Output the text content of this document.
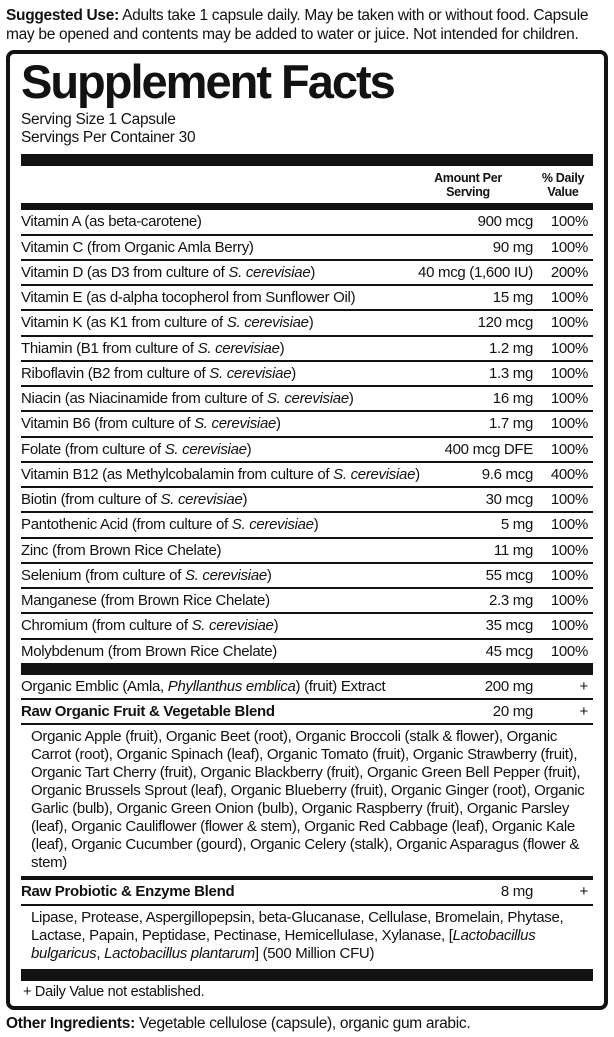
Suggested Use: Adults take 1 capsule daily. May be taken with or without food. Capsule may be opened and contents may be added to water or juice. Not intended for children.
Supplement Facts
Serving Size 1 Capsule
Servings Per Container 30
Amount Per
Serving
% Daily
Value
Vitamin A (as beta-carotene)	900 mcg	100%
Vitamin C (from Organic Amla Berry)	90 mg	100%
Vitamin D (as D3 from culture of S. cerevisiae)	40 mcg (1,600 IU)	200%
Vitamin E (as d-alpha tocopherol from Sunflower Oil)	15 mg	100%
Vitamin K (as K1 from culture of S. cerevisiae)	120 mcg	100%
Thiamin (B1 from culture of S. cerevisiae)	1.2 mg	100%
Riboflavin (B2 from culture of S. cerevisiae)	1.3 mg	100%
Niacin (as Niacinamide from culture of S. cerevisiae)	16 mg	100%
Vitamin B6 (from culture of S. cerevisiae)	1.7 mg	100%
Folate (from culture of S. cerevisiae)	400 mcg DFE	100%
Vitamin B12 (as Methylcobalamin from culture of S. cerevisiae)	9.6 mcg	400%
Biotin (from culture of S. cerevisiae)	30 mcg	100%
Pantothenic Acid (from culture of S. cerevisiae)	5 mg	100%
Zinc (from Brown Rice Chelate)	11 mg	100%
Selenium (from culture of S. cerevisiae)	55 mcg	100%
Manganese (from Brown Rice Chelate)	2.3 mg	100%
Chromium (from culture of S. cerevisiae)	35 mcg	100%
Molybdenum (from Brown Rice Chelate)	45 mcg	100%
Organic Emblic (Amla, Phyllanthus emblica) (fruit) Extract	200 mg	+
Raw Organic Fruit & Vegetable Blend	20 mg	+
Organic Apple (fruit), Organic Beet (root), Organic Broccoli (stalk & flower), Organic Carrot (root), Organic Spinach (leaf), Organic Tomato (fruit), Organic Strawberry (fruit), Organic Tart Cherry (fruit), Organic Blackberry (fruit), Organic Green Bell Pepper (fruit), Organic Brussels Sprout (leaf), Organic Blueberry (fruit), Organic Ginger (root), Organic Garlic (bulb), Organic Green Onion (bulb), Organic Raspberry (fruit), Organic Parsley (leaf), Organic Cauliflower (flower & stem), Organic Red Cabbage (leaf), Organic Kale (leaf), Organic Cucumber (gourd), Organic Celery (stalk), Organic Asparagus (flower & stem)
Raw Probiotic & Enzyme Blend	8 mg	+
Lipase, Protease, Aspergillopepsin, beta-Glucanase, Cellulase, Bromelain, Phytase, Lactase, Papain, Peptidase, Pectinase, Hemicellulase, Xylanase, [Lactobacillus bulgaricus, Lactobacillus plantarum] (500 Million CFU)
+ Daily Value not established.
Other Ingredients: Vegetable cellulose (capsule), organic gum arabic.
